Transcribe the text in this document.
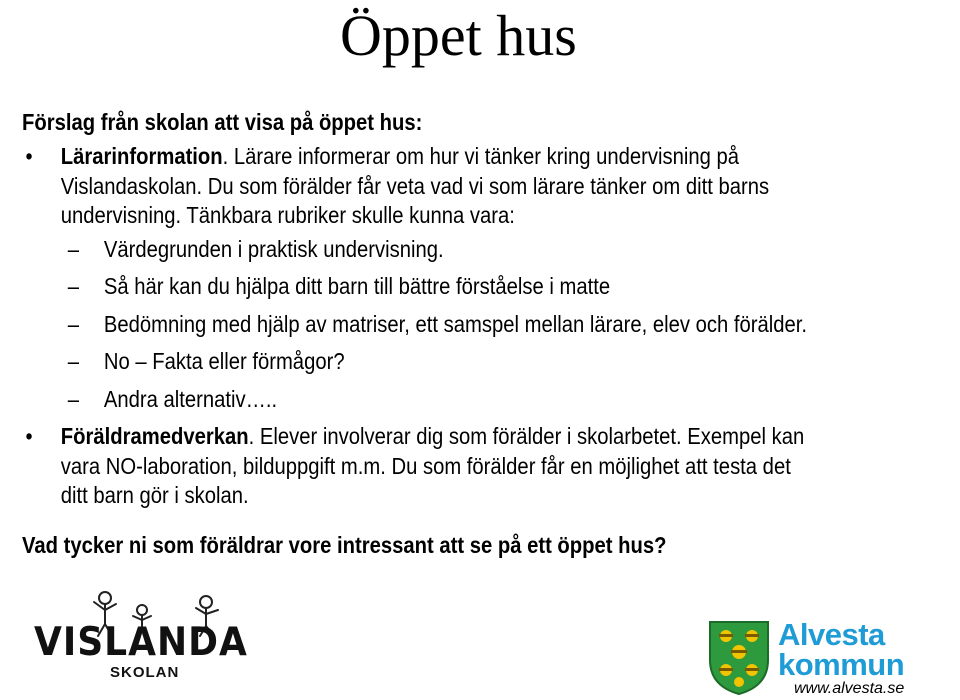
Öppet hus

Förslag från skolan att visa på öppet hus:

• Lärarinformation. Lärare informerar om hur vi tänker kring undervisning på
Vislandaskolan. Du som förälder får veta vad vi som lärare tänker om ditt barns
undervisning. Tänkbara rubriker skulle kunna vara:
– Värdegrunden i praktisk undervisning.
– Så här kan du hjälpa ditt barn till bättre förståelse i matte
– Bedömning med hjälp av matriser, ett samspel mellan lärare, elev och förälder.
– No – Fakta eller förmågor?
– Andra alternativ…..
• Föräldramedverkan. Elever involverar dig som förälder i skolarbetet. Exempel kan
vara NO-laboration, bilduppgift m.m. Du som förälder får en möjlighet att testa det
ditt barn gör i skolan.

Vad tycker ni som föräldrar vore intressant att se på ett öppet hus?

VISLANDA
SKOLAN
Alvesta
kommun
www.alvesta.se
